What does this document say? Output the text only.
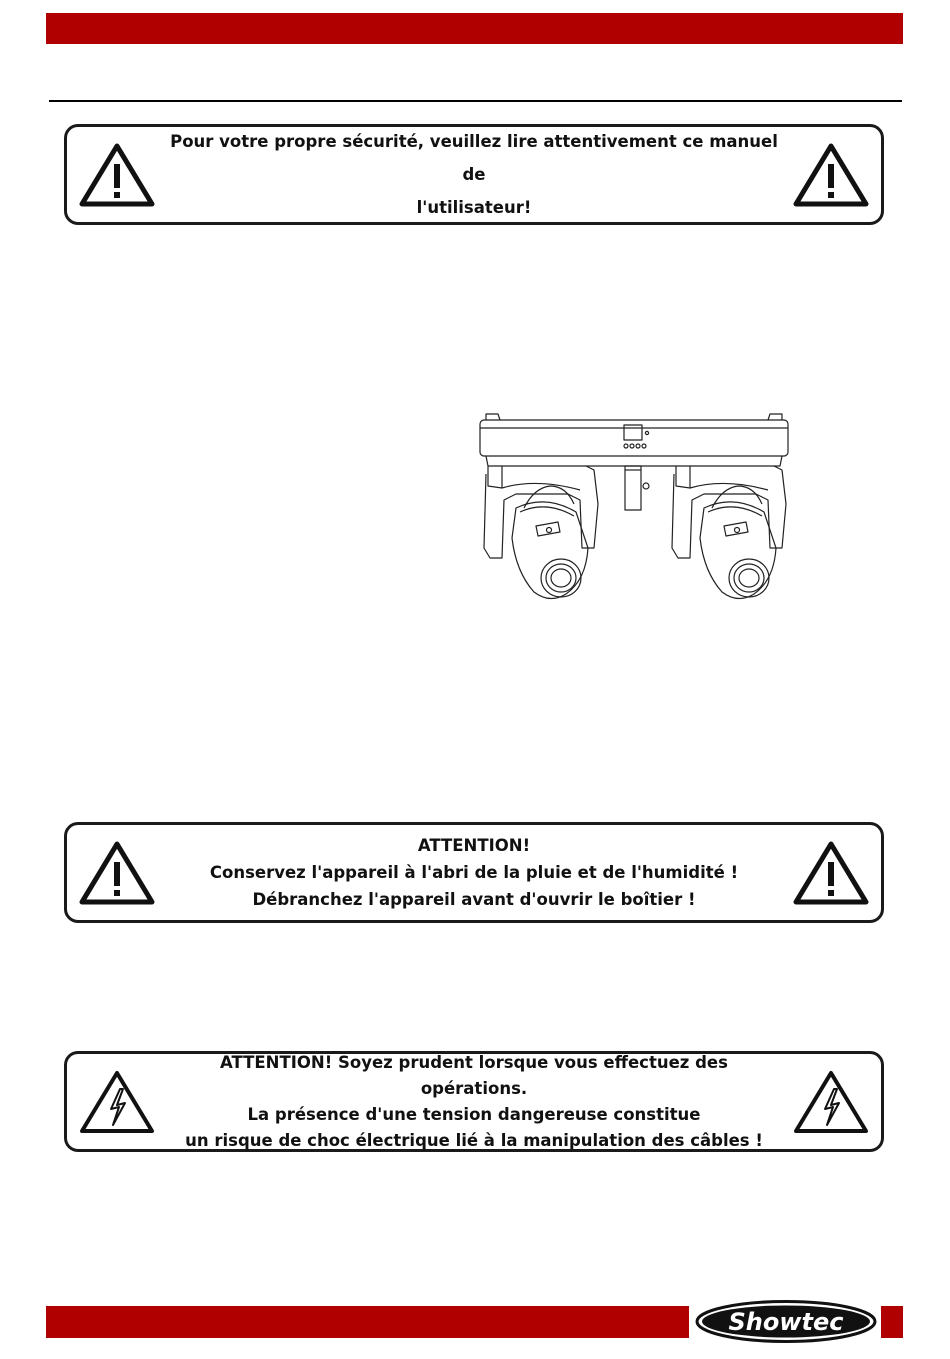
Pour votre propre sécurité, veuillez lire attentivement ce manuel de
l'utilisateur!
ATTENTION!
Conservez l'appareil à l'abri de la pluie et de l'humidité !
Débranchez l'appareil avant d'ouvrir le boîtier !
ATTENTION! Soyez prudent lorsque vous effectuez des opérations.
La présence d'une tension dangereuse constitue
un risque de choc électrique lié à la manipulation des câbles !
Showtec
